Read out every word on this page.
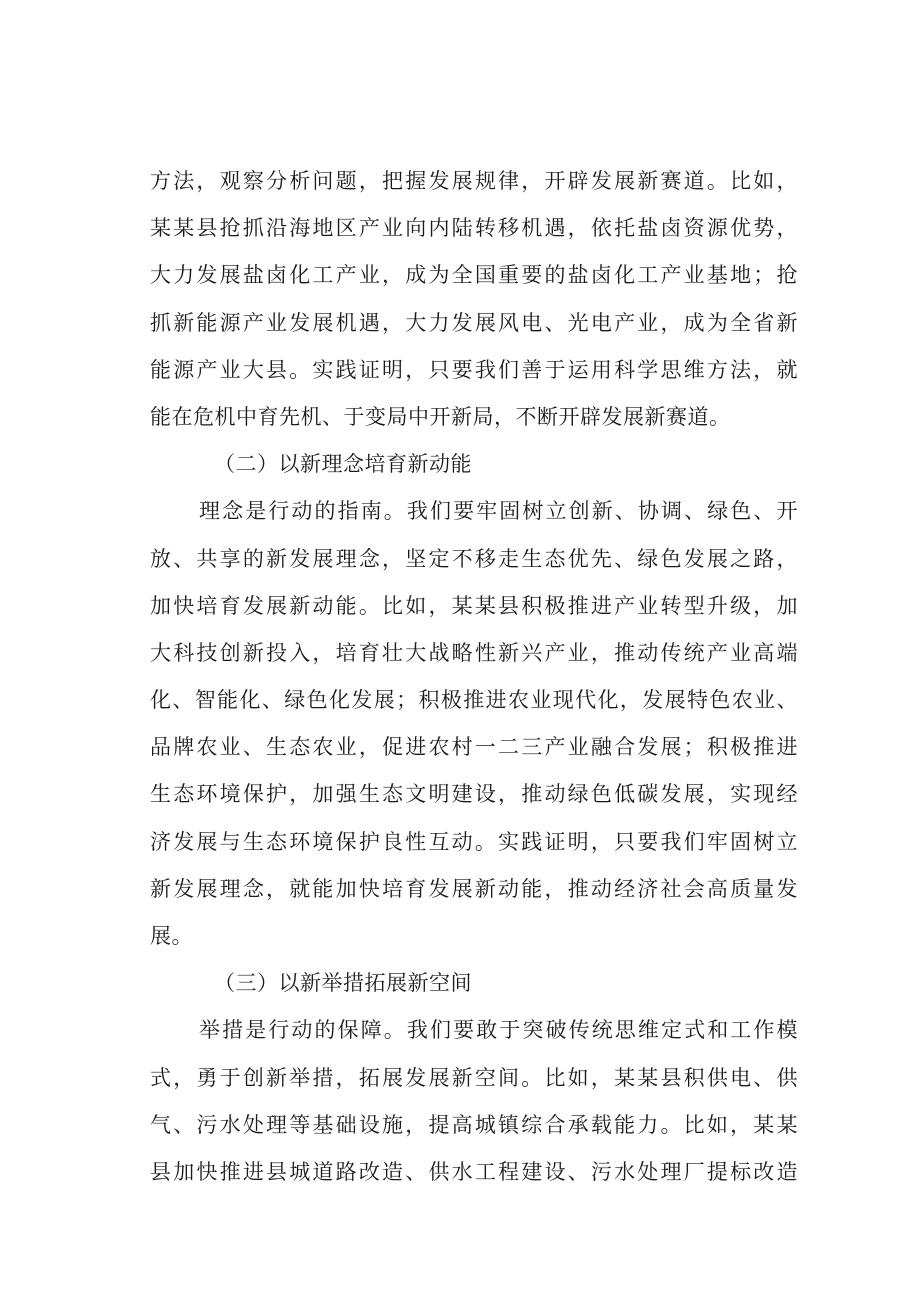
方法，观察分析问题，把握发展规律，开辟发展新赛道。比如，
某某县抢抓沿海地区产业向内陆转移机遇，依托盐卤资源优势，
大力发展盐卤化工产业，成为全国重要的盐卤化工产业基地；抢
抓新能源产业发展机遇，大力发展风电、光电产业，成为全省新
能源产业大县。实践证明，只要我们善于运用科学思维方法，就
能在危机中育先机、于变局中开新局，不断开辟发展新赛道。
（二）以新理念培育新动能
理念是行动的指南。我们要牢固树立创新、协调、绿色、开
放、共享的新发展理念，坚定不移走生态优先、绿色发展之路，
加快培育发展新动能。比如，某某县积极推进产业转型升级，加
大科技创新投入，培育壮大战略性新兴产业，推动传统产业高端
化、智能化、绿色化发展；积极推进农业现代化，发展特色农业、
品牌农业、生态农业，促进农村一二三产业融合发展；积极推进
生态环境保护，加强生态文明建设，推动绿色低碳发展，实现经
济发展与生态环境保护良性互动。实践证明，只要我们牢固树立
新发展理念，就能加快培育发展新动能，推动经济社会高质量发
展。
（三）以新举措拓展新空间
举措是行动的保障。我们要敢于突破传统思维定式和工作模
式，勇于创新举措，拓展发展新空间。比如，某某县积供电、供
气、污水处理等基础设施，提高城镇综合承载能力。比如，某某
县加快推进县城道路改造、供水工程建设、污水处理厂提标改造
